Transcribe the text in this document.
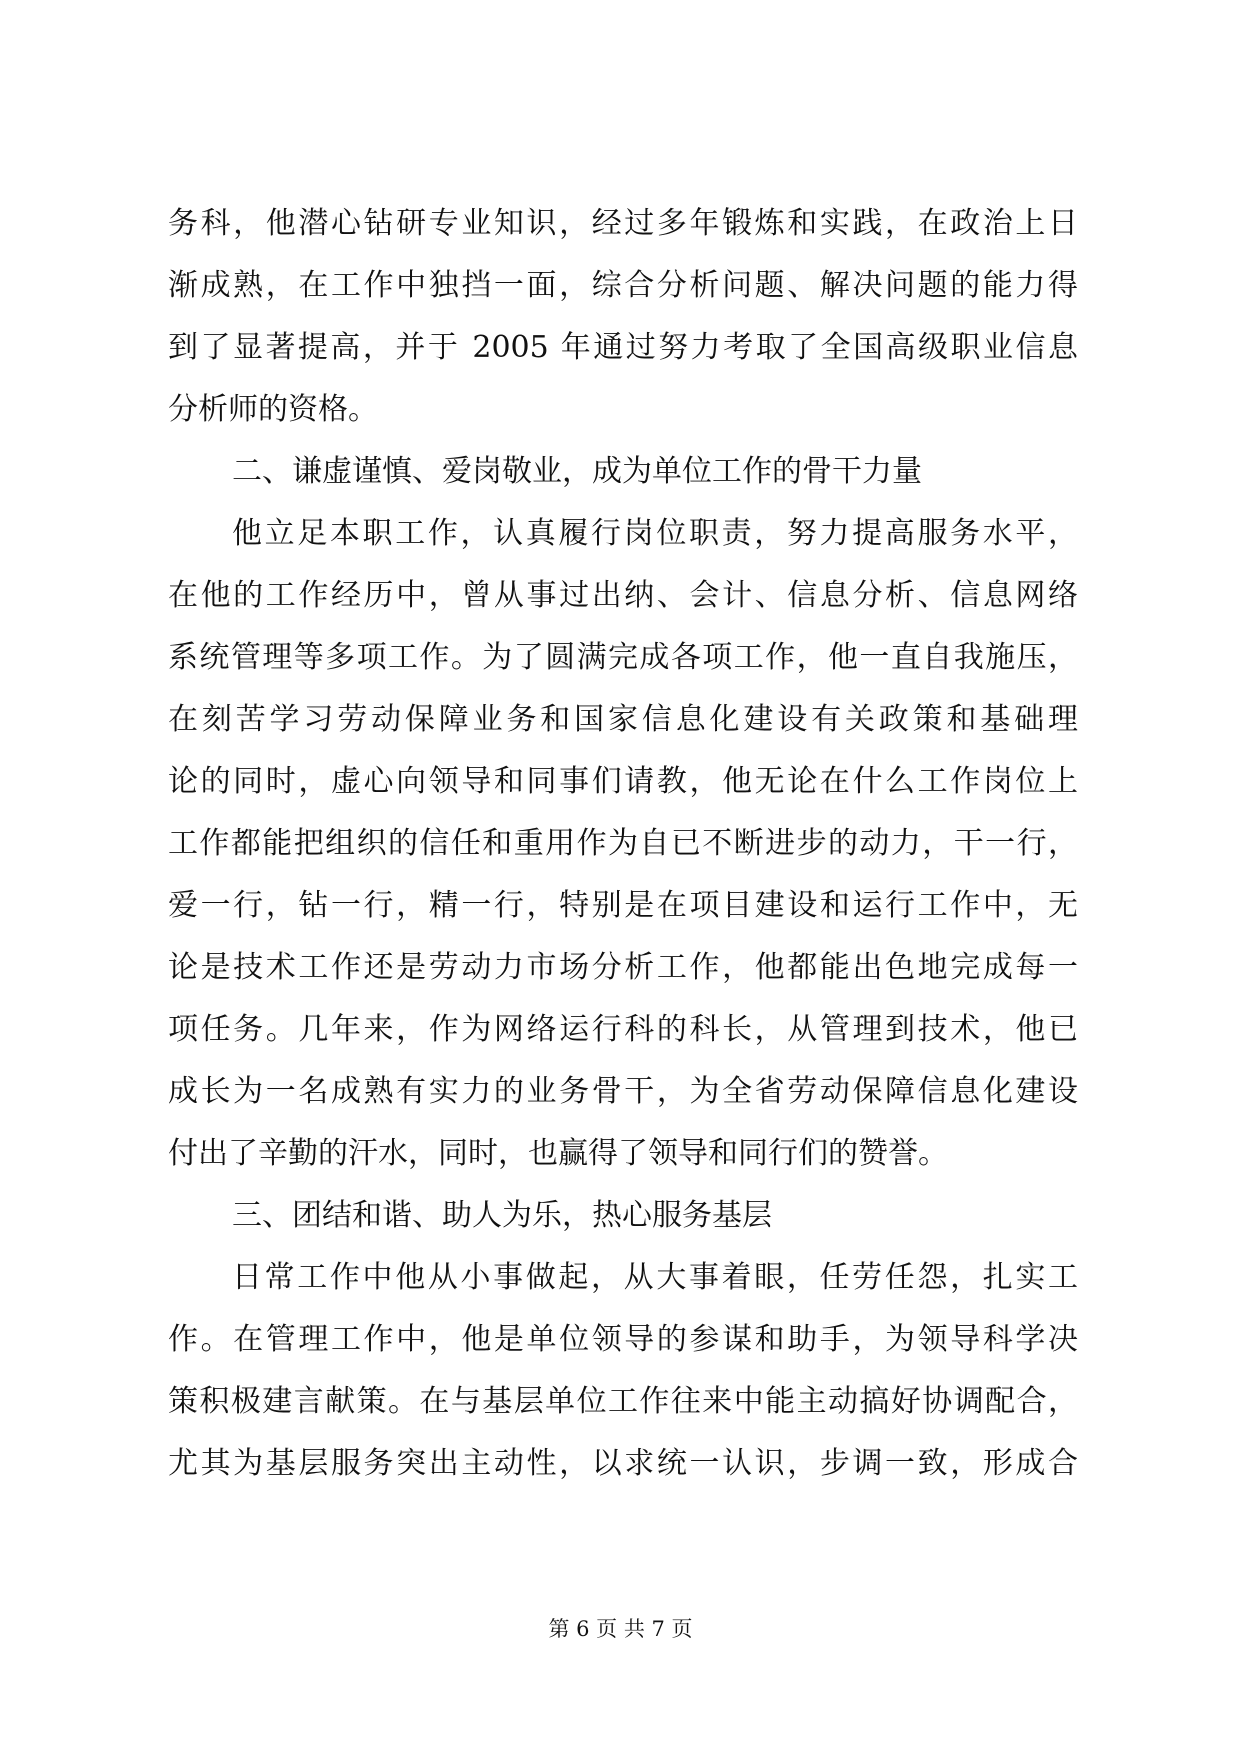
务科，他潜心钻研专业知识，经过多年锻炼和实践，在政治上日
渐成熟，在工作中独挡一面，综合分析问题、解决问题的能力得
到了显著提高，并于 2005 年通过努力考取了全国高级职业信息
分析师的资格。
二、谦虚谨慎、爱岗敬业，成为单位工作的骨干力量
他立足本职工作，认真履行岗位职责，努力提高服务水平，
在他的工作经历中，曾从事过出纳、会计、信息分析、信息网络
系统管理等多项工作。为了圆满完成各项工作，他一直自我施压，
在刻苦学习劳动保障业务和国家信息化建设有关政策和基础理
论的同时，虚心向领导和同事们请教，他无论在什么工作岗位上
工作都能把组织的信任和重用作为自已不断进步的动力，干一行，
爱一行，钻一行，精一行，特别是在项目建设和运行工作中，无
论是技术工作还是劳动力市场分析工作，他都能出色地完成每一
项任务。几年来，作为网络运行科的科长，从管理到技术，他已
成长为一名成熟有实力的业务骨干，为全省劳动保障信息化建设
付出了辛勤的汗水，同时，也赢得了领导和同行们的赞誉。
三、团结和谐、助人为乐，热心服务基层
日常工作中他从小事做起，从大事着眼，任劳任怨，扎实工
作。在管理工作中，他是单位领导的参谋和助手，为领导科学决
策积极建言献策。在与基层单位工作往来中能主动搞好协调配合，
尤其为基层服务突出主动性，以求统一认识，步调一致，形成合
第 6 页 共 7 页
